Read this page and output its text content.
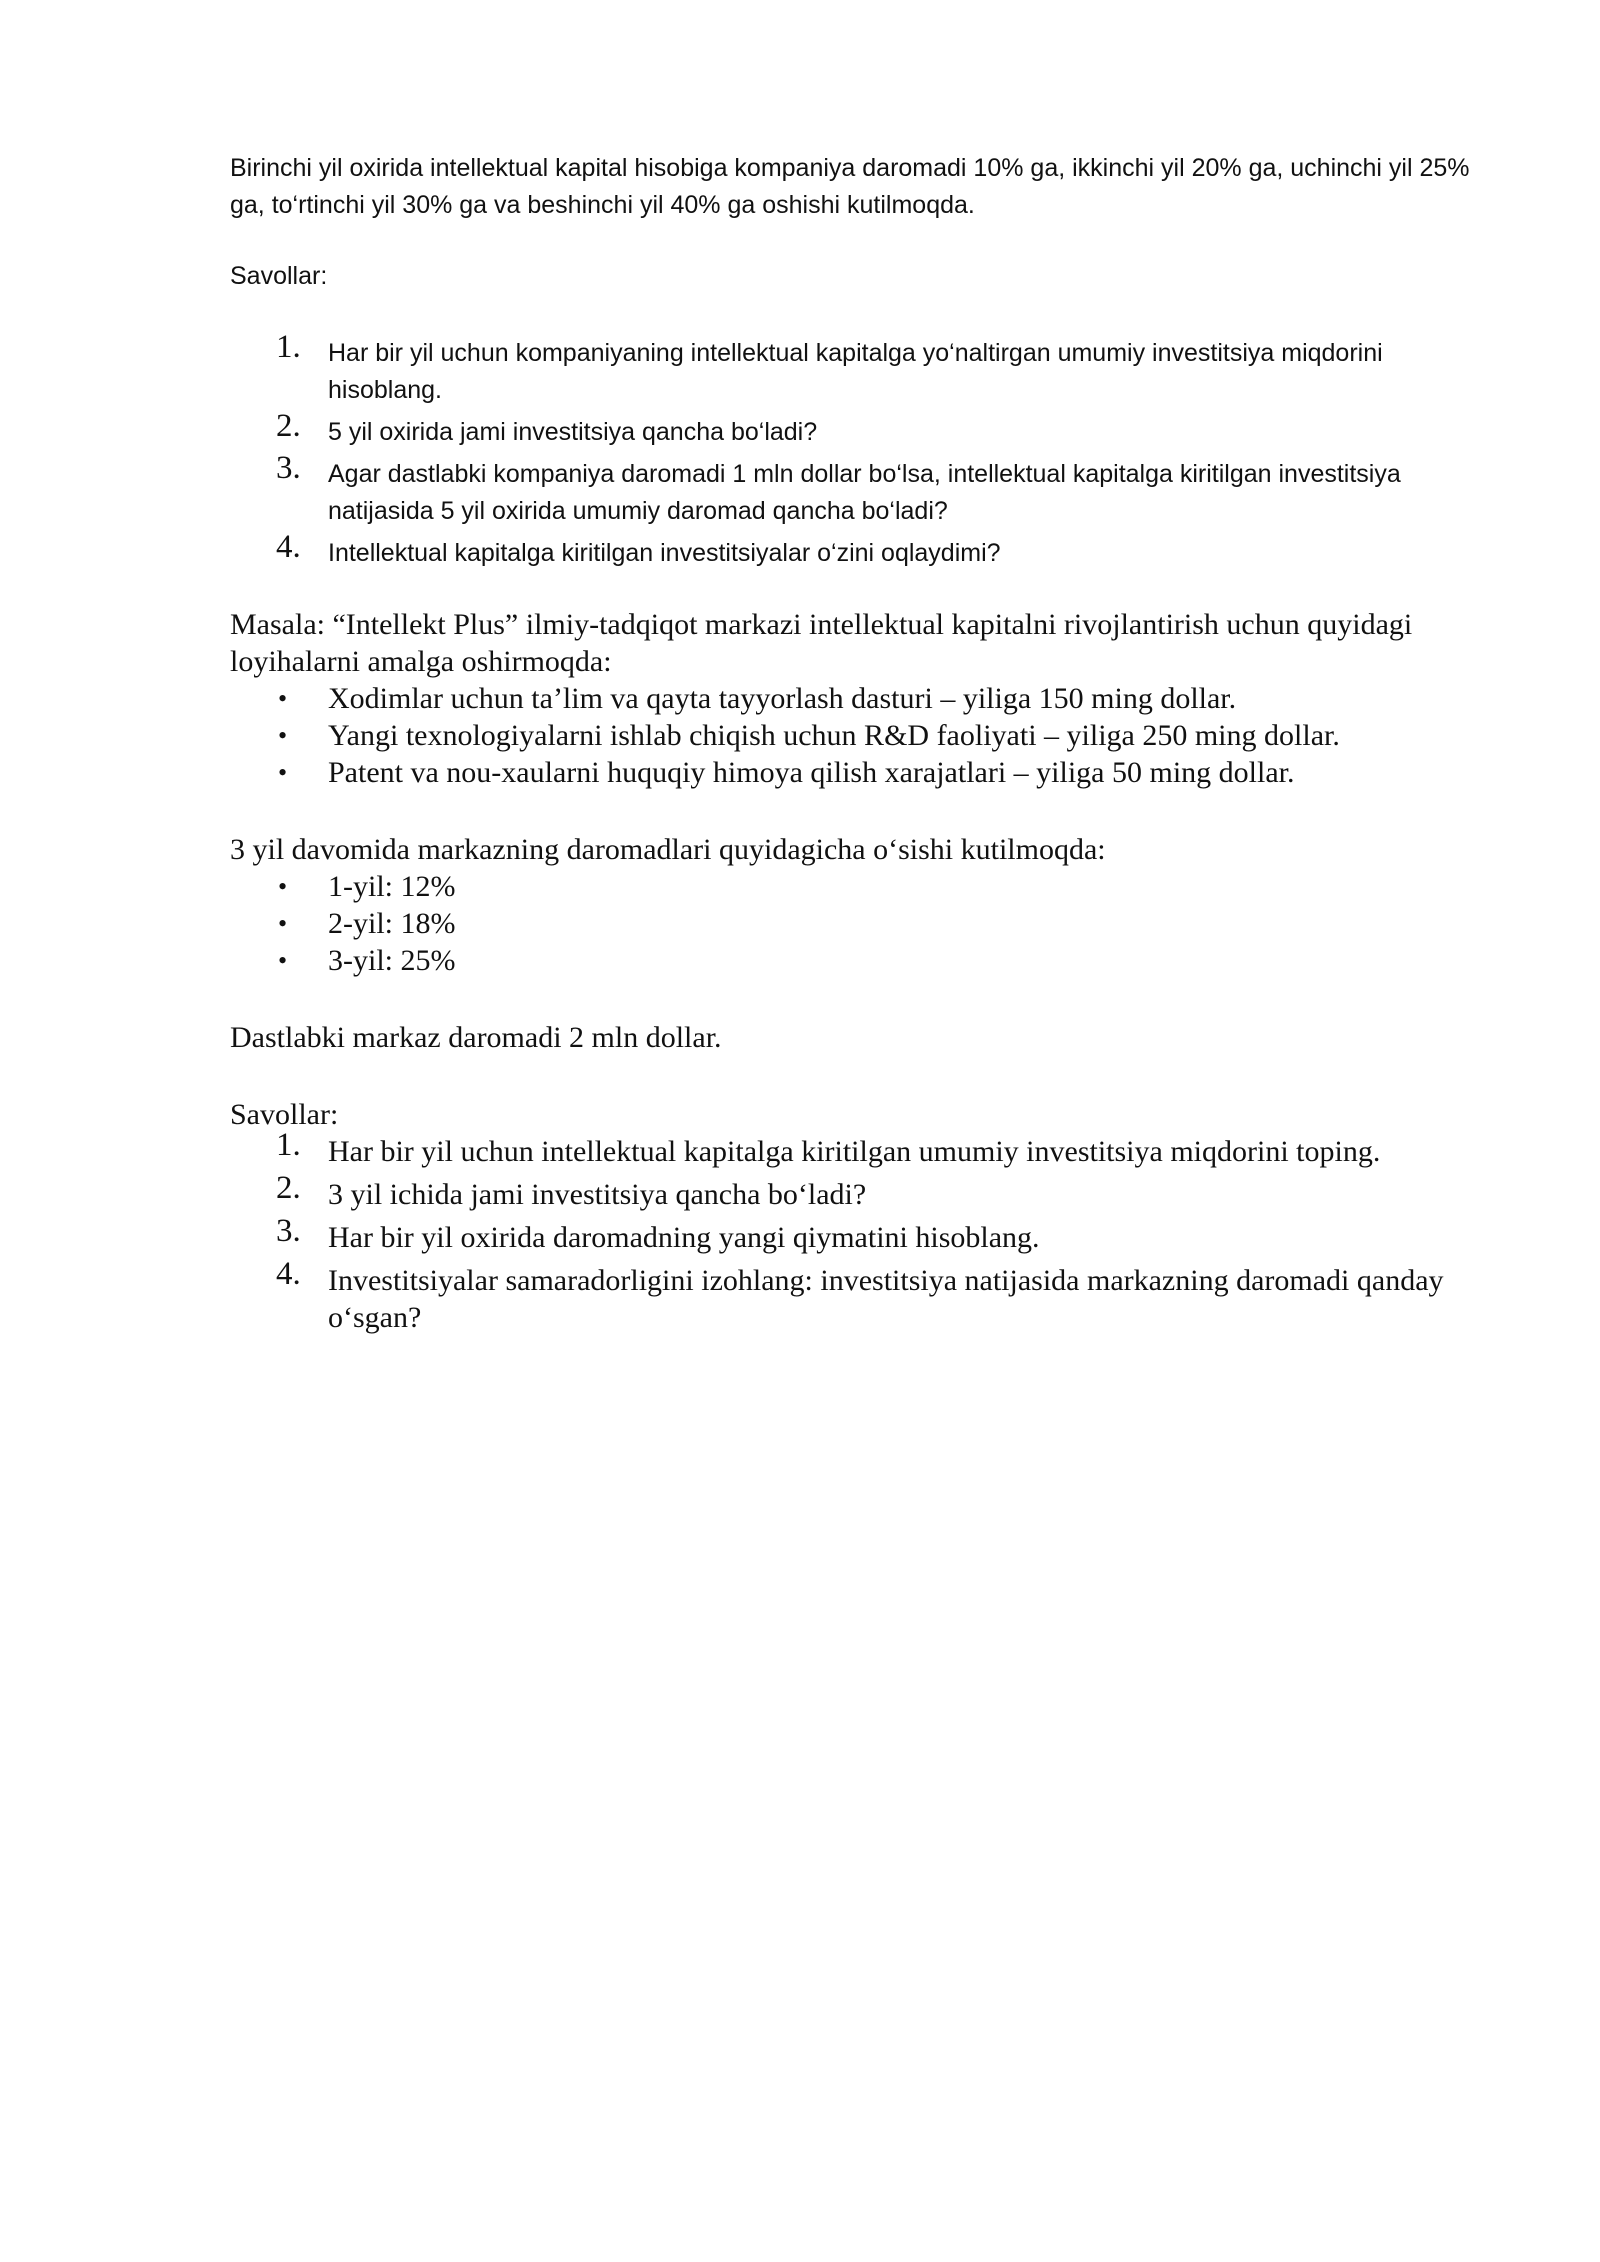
Birinchi yil oxirida intellektual kapital hisobiga kompaniya daromadi 10% ga, ikkinchi yil 20% ga, uchinchi yil 25% ga, to‘rtinchi yil 30% ga va beshinchi yil 40% ga oshishi kutilmoqda.

Savollar:

1. Har bir yil uchun kompaniyaning intellektual kapitalga yo‘naltirgan umumiy investitsiya miqdorini hisoblang.
2. 5 yil oxirida jami investitsiya qancha bo‘ladi?
3. Agar dastlabki kompaniya daromadi 1 mln dollar bo‘lsa, intellektual kapitalga kiritilgan investitsiya natijasida 5 yil oxirida umumiy daromad qancha bo‘ladi?
4. Intellektual kapitalga kiritilgan investitsiyalar o‘zini oqlaydimi?

Masala: “Intellekt Plus” ilmiy-tadqiqot markazi intellektual kapitalni rivojlantirish uchun quyidagi loyihalarni amalga oshirmoqda:

• Xodimlar uchun ta’lim va qayta tayyorlash dasturi – yiliga 150 ming dollar.
• Yangi texnologiyalarni ishlab chiqish uchun R&D faoliyati – yiliga 250 ming dollar.
• Patent va nou-xaularni huquqiy himoya qilish xarajatlari – yiliga 50 ming dollar.

3 yil davomida markazning daromadlari quyidagicha o‘sishi kutilmoqda:

• 1-yil: 12%
• 2-yil: 18%
• 3-yil: 25%

Dastlabki markaz daromadi 2 mln dollar.

Savollar:

1. Har bir yil uchun intellektual kapitalga kiritilgan umumiy investitsiya miqdorini toping.
2. 3 yil ichida jami investitsiya qancha bo‘ladi?
3. Har bir yil oxirida daromadning yangi qiymatini hisoblang.
4. Investitsiyalar samaradorligini izohlang: investitsiya natijasida markazning daromadi qanday o‘sgan?
